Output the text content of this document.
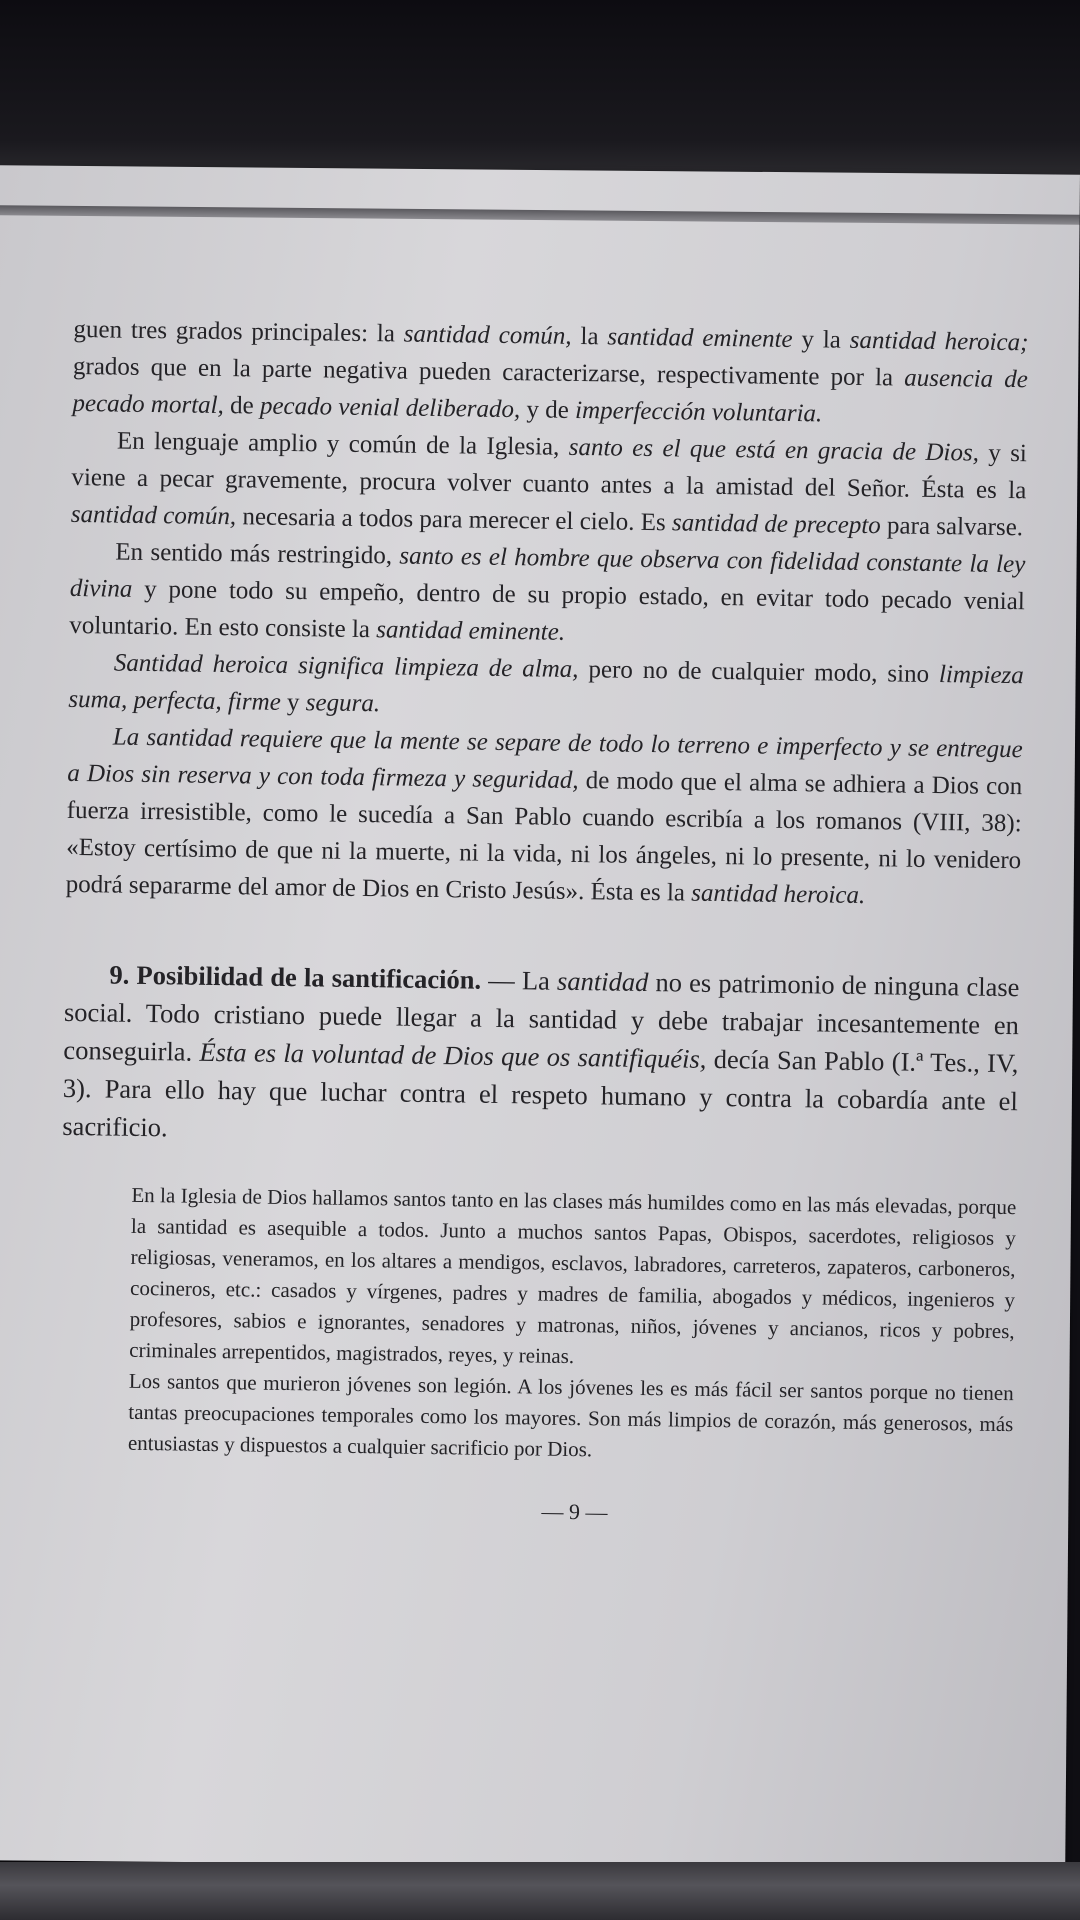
guen tres grados principales: la santidad común, la santidad eminente y la santidad heroica; grados que en la parte negativa pueden caracterizarse, respectivamente por la ausencia de pecado mortal, de pecado venial deliberado, y de imperfección voluntaria.

En lenguaje amplio y común de la Iglesia, santo es el que está en gracia de Dios, y si viene a pecar gravemente, procura volver cuanto antes a la amistad del Señor. Ésta es la santidad común, necesaria a todos para merecer el cielo. Es santidad de precepto para salvarse.

En sentido más restringido, santo es el hombre que observa con fidelidad constante la ley divina y pone todo su empeño, dentro de su propio estado, en evitar todo pecado venial voluntario. En esto consiste la santidad eminente.

Santidad heroica significa limpieza de alma, pero no de cualquier modo, sino limpieza suma, perfecta, firme y segura.

La santidad requiere que la mente se separe de todo lo terreno e imperfecto y se entregue a Dios sin reserva y con toda firmeza y seguridad, de modo que el alma se adhiera a Dios con fuerza irresistible, como le sucedía a San Pablo cuando escribía a los romanos (VIII, 38): «Estoy certísimo de que ni la muerte, ni la vida, ni los ángeles, ni lo presente, ni lo venidero podrá separarme del amor de Dios en Cristo Jesús». Ésta es la santidad heroica.

9. Posibilidad de la santificación. — La santidad no es patrimonio de ninguna clase social. Todo cristiano puede llegar a la santidad y debe trabajar incesantemente en conseguirla. Ésta es la voluntad de Dios que os santifiquéis, decía San Pablo (I.ª Tes., IV, 3). Para ello hay que luchar contra el respeto humano y contra la cobardía ante el sacrificio.

En la Iglesia de Dios hallamos santos tanto en las clases más humildes como en las más elevadas, porque la santidad es asequible a todos. Junto a muchos santos Papas, Obispos, sacerdotes, religiosos y religiosas, veneramos, en los altares a mendigos, esclavos, labradores, carreteros, zapateros, carboneros, cocineros, etc.: casados y vírgenes, padres y madres de familia, abogados y médicos, ingenieros y profesores, sabios e ignorantes, senadores y matronas, niños, jóvenes y ancianos, ricos y pobres, criminales arrepentidos, magistrados, reyes, y reinas.

Los santos que murieron jóvenes son legión. A los jóvenes les es más fácil ser santos porque no tienen tantas preocupaciones temporales como los mayores. Son más limpios de corazón, más generosos, más entusiastas y dispuestos a cualquier sacrificio por Dios.

— 9 —
